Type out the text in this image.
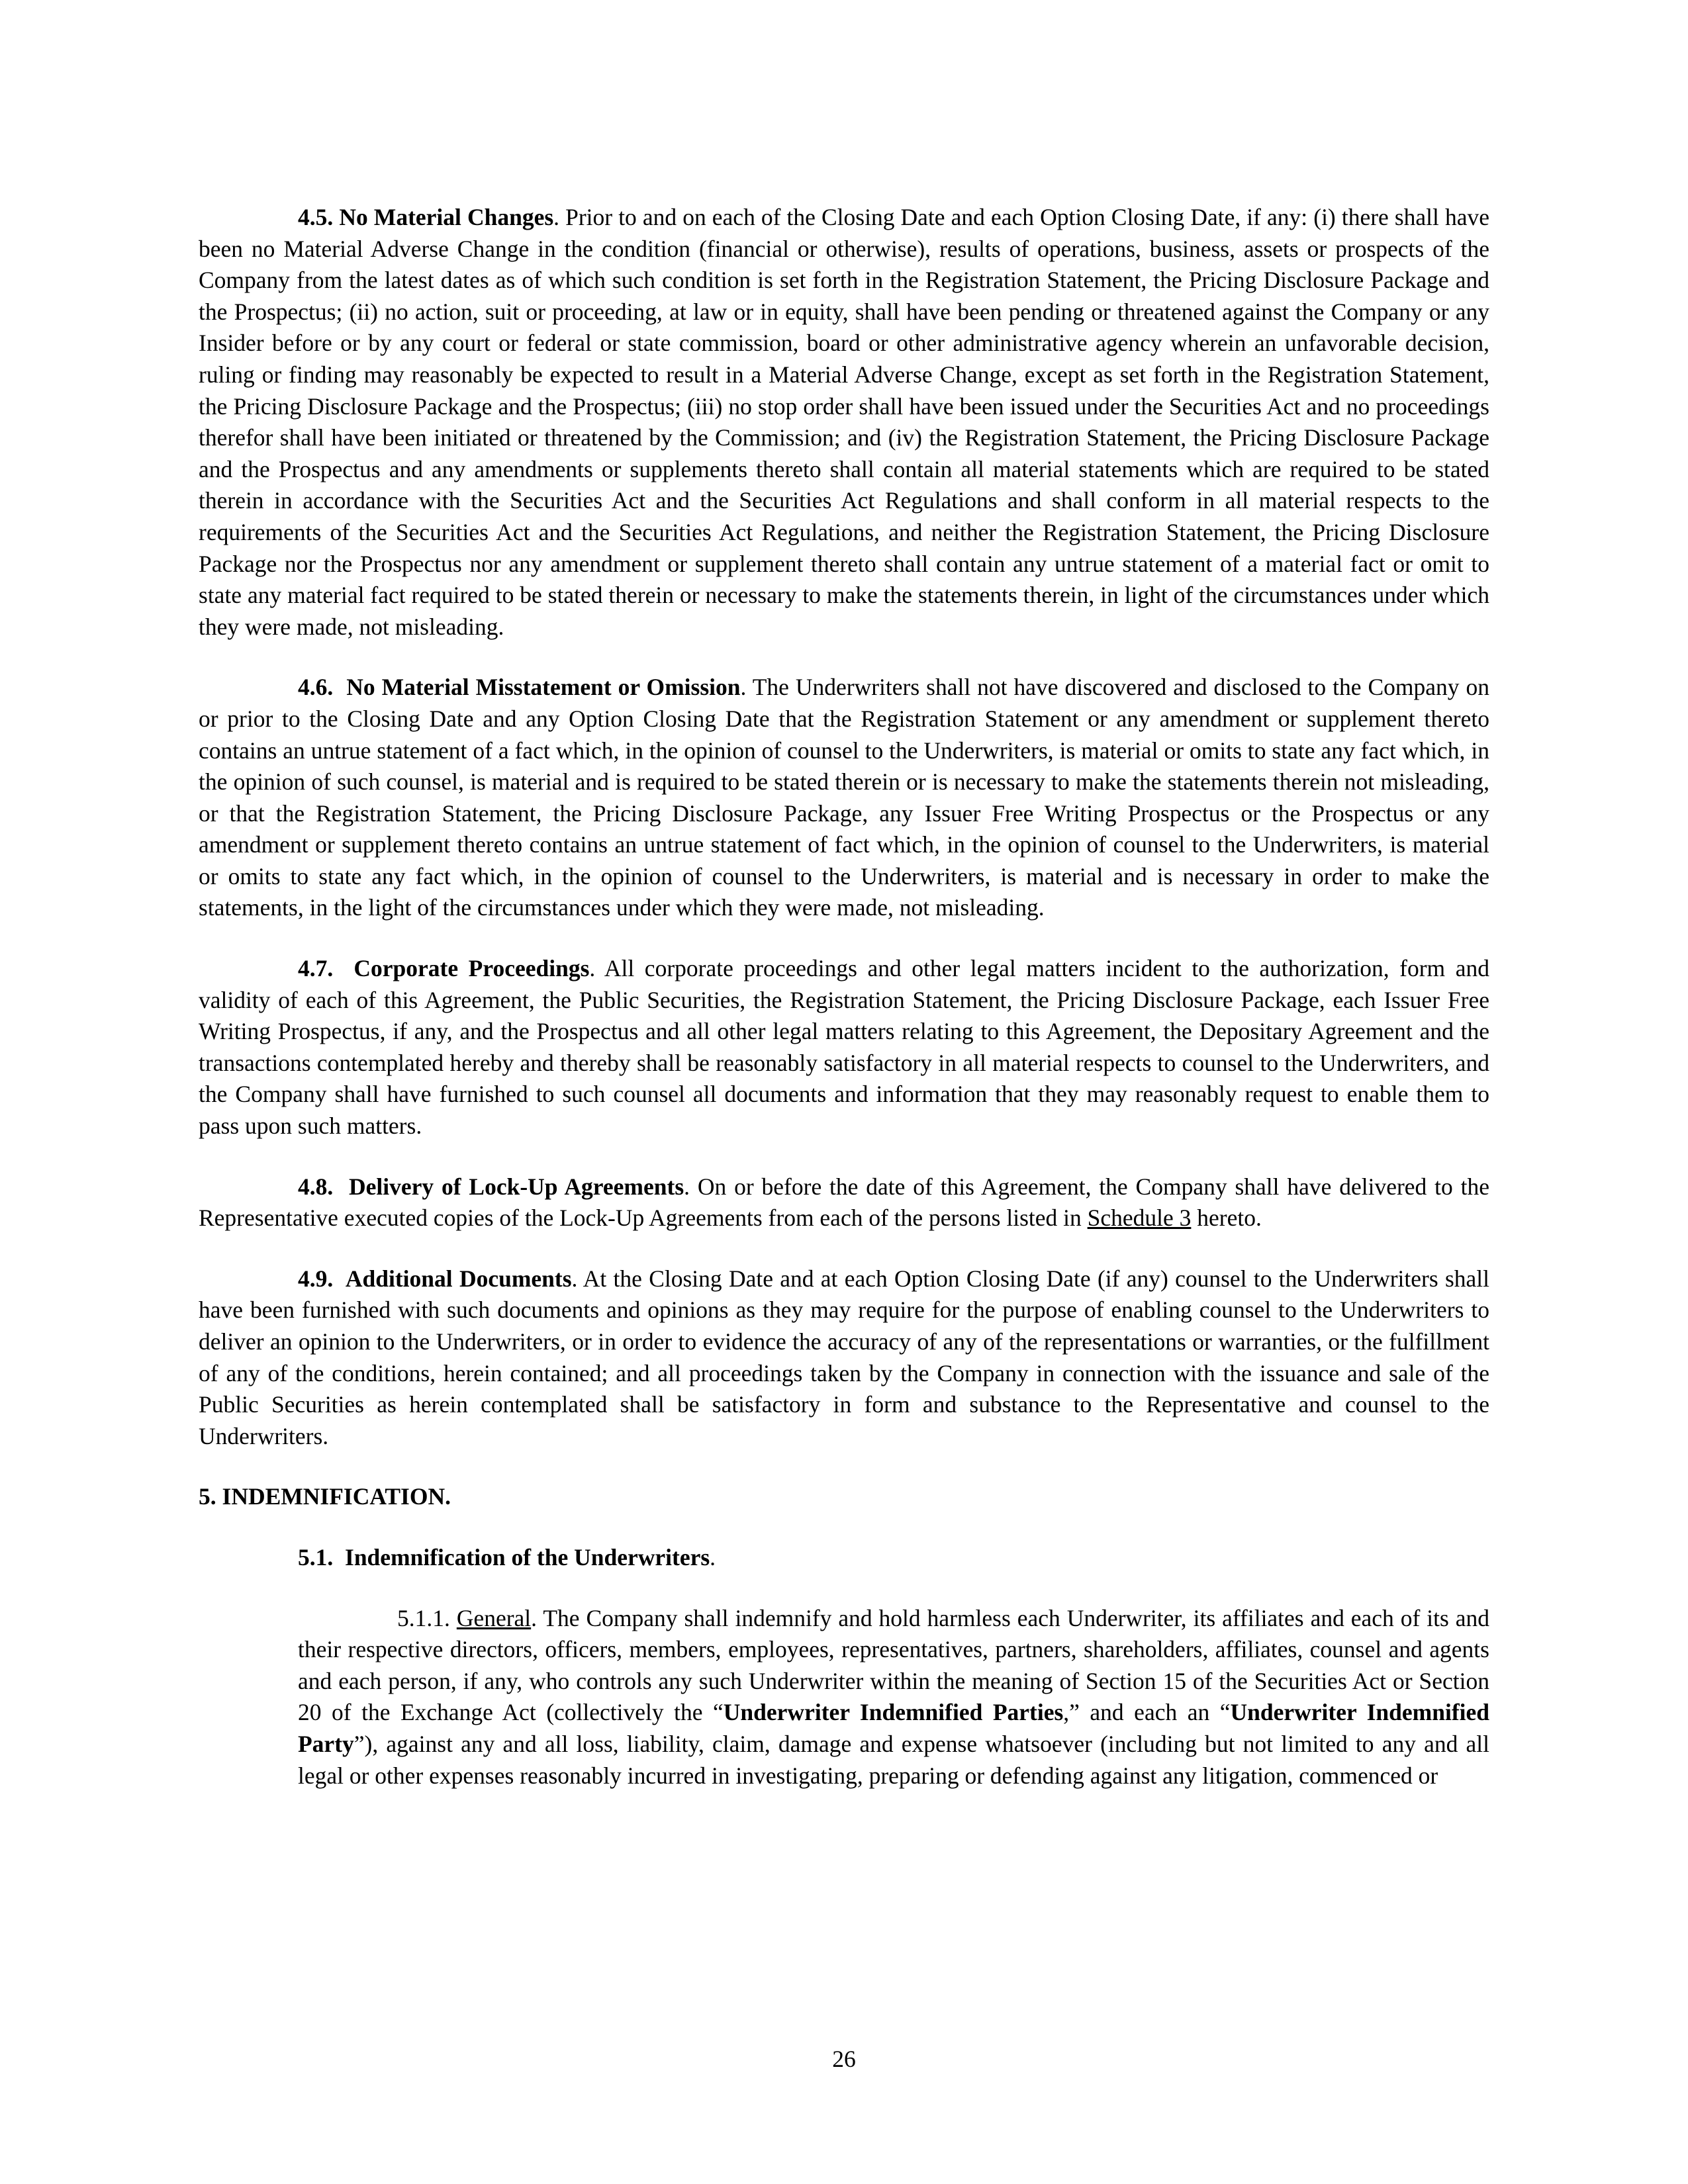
4.5. No Material Changes. Prior to and on each of the Closing Date and each Option Closing Date, if any: (i) there shall have been no Material Adverse Change in the condition (financial or otherwise), results of operations, business, assets or prospects of the Company from the latest dates as of which such condition is set forth in the Registration Statement, the Pricing Disclosure Package and the Prospectus; (ii) no action, suit or proceeding, at law or in equity, shall have been pending or threatened against the Company or any Insider before or by any court or federal or state commission, board or other administrative agency wherein an unfavorable decision, ruling or finding may reasonably be expected to result in a Material Adverse Change, except as set forth in the Registration Statement, the Pricing Disclosure Package and the Prospectus; (iii) no stop order shall have been issued under the Securities Act and no proceedings therefor shall have been initiated or threatened by the Commission; and (iv) the Registration Statement, the Pricing Disclosure Package and the Prospectus and any amendments or supplements thereto shall contain all material statements which are required to be stated therein in accordance with the Securities Act and the Securities Act Regulations and shall conform in all material respects to the requirements of the Securities Act and the Securities Act Regulations, and neither the Registration Statement, the Pricing Disclosure Package nor the Prospectus nor any amendment or supplement thereto shall contain any untrue statement of a material fact or omit to state any material fact required to be stated therein or necessary to make the statements therein, in light of the circumstances under which they were made, not misleading.

4.6. No Material Misstatement or Omission. The Underwriters shall not have discovered and disclosed to the Company on or prior to the Closing Date and any Option Closing Date that the Registration Statement or any amendment or supplement thereto contains an untrue statement of a fact which, in the opinion of counsel to the Underwriters, is material or omits to state any fact which, in the opinion of such counsel, is material and is required to be stated therein or is necessary to make the statements therein not misleading, or that the Registration Statement, the Pricing Disclosure Package, any Issuer Free Writing Prospectus or the Prospectus or any amendment or supplement thereto contains an untrue statement of fact which, in the opinion of counsel to the Underwriters, is material or omits to state any fact which, in the opinion of counsel to the Underwriters, is material and is necessary in order to make the statements, in the light of the circumstances under which they were made, not misleading.

4.7. Corporate Proceedings. All corporate proceedings and other legal matters incident to the authorization, form and validity of each of this Agreement, the Public Securities, the Registration Statement, the Pricing Disclosure Package, each Issuer Free Writing Prospectus, if any, and the Prospectus and all other legal matters relating to this Agreement, the Depositary Agreement and the transactions contemplated hereby and thereby shall be reasonably satisfactory in all material respects to counsel to the Underwriters, and the Company shall have furnished to such counsel all documents and information that they may reasonably request to enable them to pass upon such matters.

4.8. Delivery of Lock-Up Agreements. On or before the date of this Agreement, the Company shall have delivered to the Representative executed copies of the Lock-Up Agreements from each of the persons listed in Schedule 3 hereto.

4.9. Additional Documents. At the Closing Date and at each Option Closing Date (if any) counsel to the Underwriters shall have been furnished with such documents and opinions as they may require for the purpose of enabling counsel to the Underwriters to deliver an opinion to the Underwriters, or in order to evidence the accuracy of any of the representations or warranties, or the fulfillment of any of the conditions, herein contained; and all proceedings taken by the Company in connection with the issuance and sale of the Public Securities as herein contemplated shall be satisfactory in form and substance to the Representative and counsel to the Underwriters.

5. INDEMNIFICATION.

5.1. Indemnification of the Underwriters.

5.1.1. General. The Company shall indemnify and hold harmless each Underwriter, its affiliates and each of its and their respective directors, officers, members, employees, representatives, partners, shareholders, affiliates, counsel and agents and each person, if any, who controls any such Underwriter within the meaning of Section 15 of the Securities Act or Section 20 of the Exchange Act (collectively the “Underwriter Indemnified Parties,” and each an “Underwriter Indemnified Party”), against any and all loss, liability, claim, damage and expense whatsoever (including but not limited to any and all legal or other expenses reasonably incurred in investigating, preparing or defending against any litigation, commenced or

26
